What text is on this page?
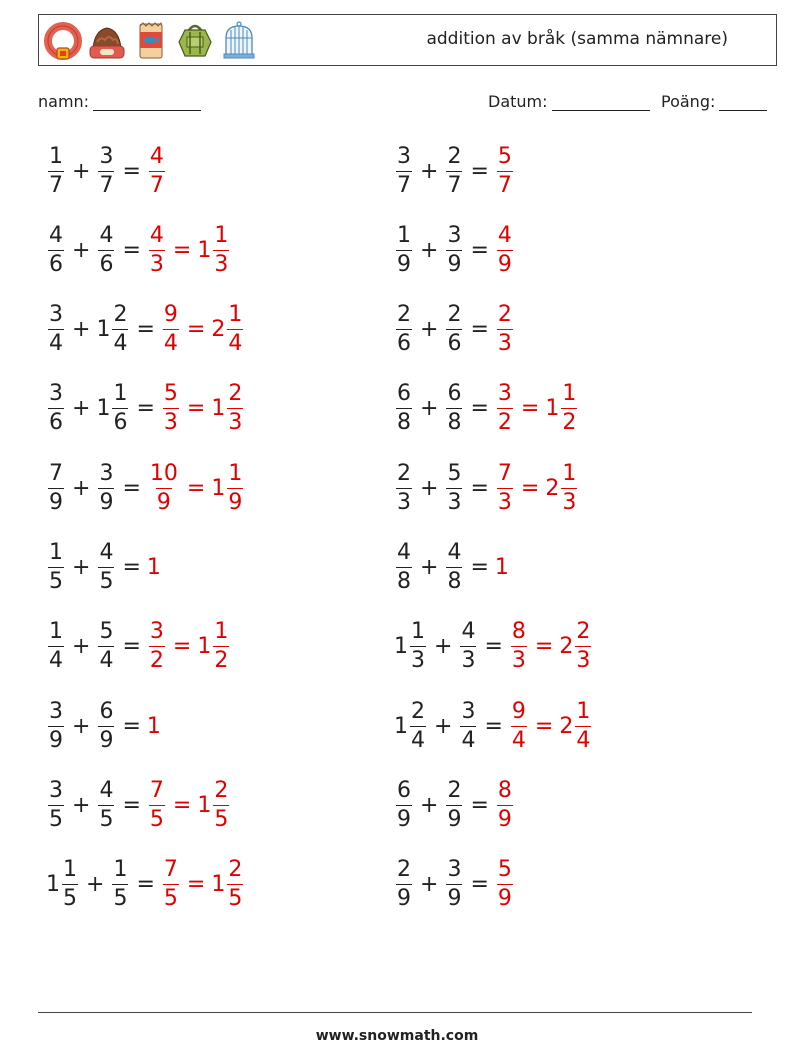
addition av bråk (samma nämnare)
namn:	Datum:	Poäng:
$\frac{1}{7} + \frac{3}{7} = \frac{4}{7}$	$\frac{3}{7} + \frac{2}{7} = \frac{5}{7}$
$\frac{4}{6} + \frac{4}{6} = \frac{4}{3} = 1 \frac{1}{3}$	$\frac{1}{9} + \frac{3}{9} = \frac{4}{9}$
$\frac{3}{4} + 1 \frac{2}{4} = \frac{9}{4} = 2 \frac{1}{4}$	$\frac{2}{6} + \frac{2}{6} = \frac{2}{3}$
$\frac{3}{6} + 1 \frac{1}{6} = \frac{5}{3} = 1 \frac{2}{3}$	$\frac{6}{8} + \frac{6}{8} = \frac{3}{2} = 1 \frac{1}{2}$
$\frac{7}{9} + \frac{3}{9} = \frac{10}{9} = 1 \frac{1}{9}$	$\frac{2}{3} + \frac{5}{3} = \frac{7}{3} = 2 \frac{1}{3}$
$\frac{1}{5} + \frac{4}{5} = 1$	$\frac{4}{8} + \frac{4}{8} = 1$
$\frac{1}{4} + \frac{5}{4} = \frac{3}{2} = 1 \frac{1}{2}$	$1 \frac{1}{3} + \frac{4}{3} = \frac{8}{3} = 2 \frac{2}{3}$
$\frac{3}{9} + \frac{6}{9} = 1$	$1 \frac{2}{4} + \frac{3}{4} = \frac{9}{4} = 2 \frac{1}{4}$
$\frac{3}{5} + \frac{4}{5} = \frac{7}{5} = 1 \frac{2}{5}$	$\frac{6}{9} + \frac{2}{9} = \frac{8}{9}$
$1 \frac{1}{5} + \frac{1}{5} = \frac{7}{5} = 1 \frac{2}{5}$	$\frac{2}{9} + \frac{3}{9} = \frac{5}{9}$
www.snowmath.com
